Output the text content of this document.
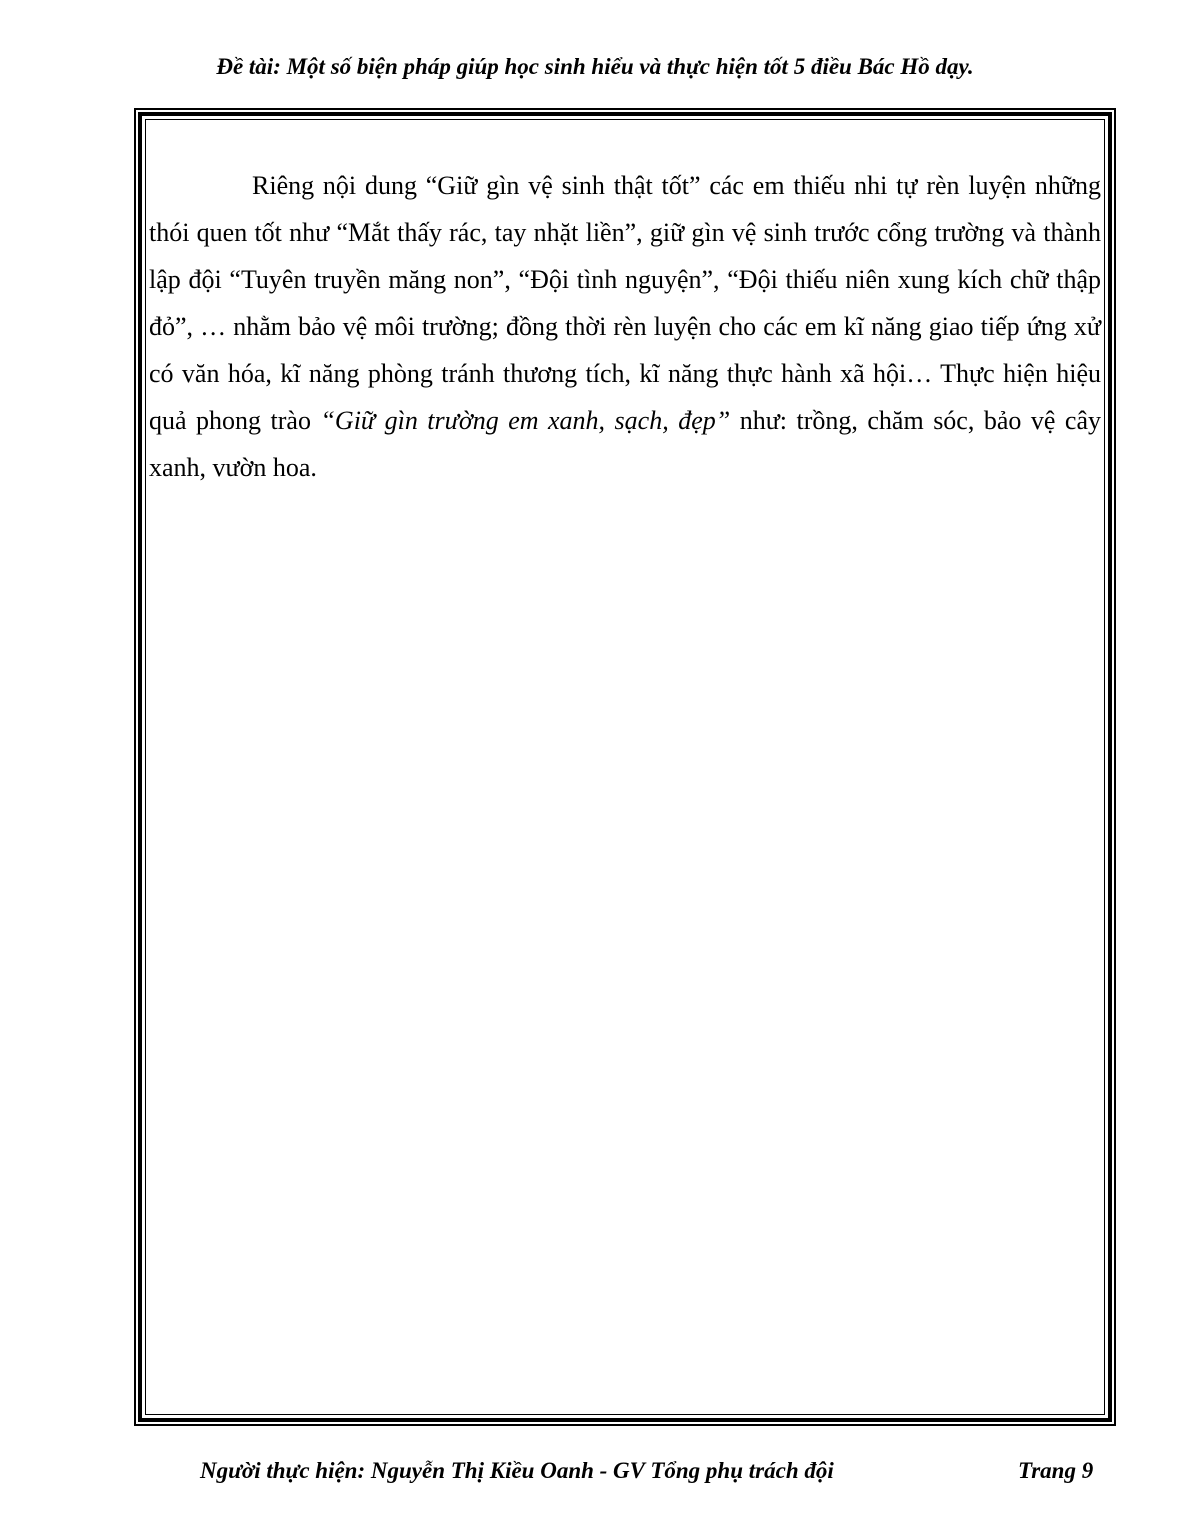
Đề tài: Một số biện pháp giúp học sinh hiểu và thực hiện tốt 5 điều Bác Hồ dạy.

Riêng nội dung “Giữ gìn vệ sinh thật tốt” các em thiếu nhi tự rèn luyện những thói quen tốt như “Mắt thấy rác, tay nhặt liền”, giữ gìn vệ sinh trước cổng trường và thành lập đội “Tuyên truyền măng non”, “Đội tình nguyện”, “Đội thiếu niên xung kích chữ thập đỏ”, … nhằm bảo vệ môi trường; đồng thời rèn luyện cho các em kĩ năng giao tiếp ứng xử có văn hóa, kĩ năng phòng tránh thương tích, kĩ năng thực hành xã hội… Thực hiện hiệu quả phong trào “Giữ gìn trường em xanh, sạch, đẹp” như: trồng, chăm sóc, bảo vệ cây xanh, vườn hoa.

Người thực hiện: Nguyễn Thị Kiều Oanh - GV Tổng phụ trách đội	Trang 9
